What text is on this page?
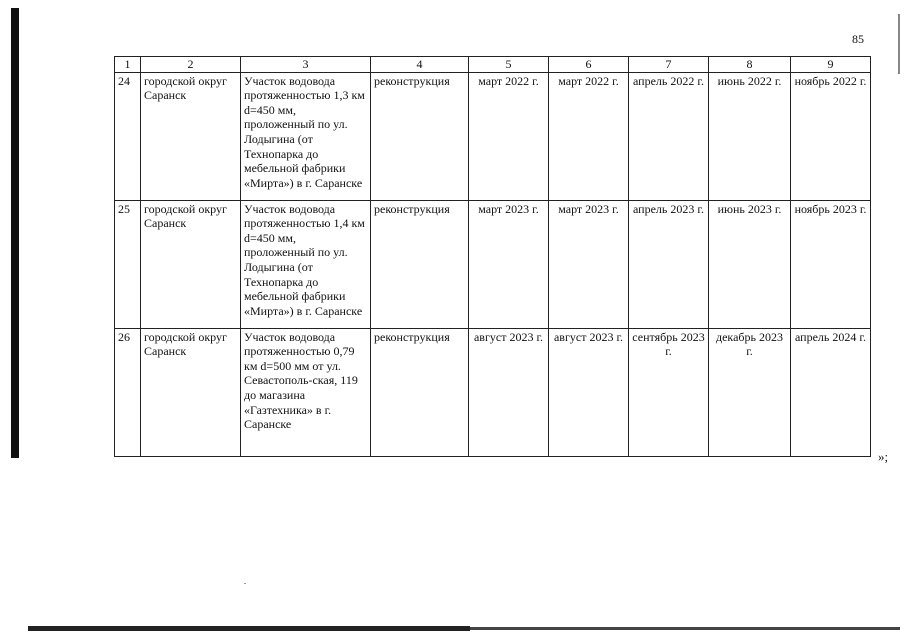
85
1	2	3	4	5	6	7	8	9
24	городской округ Саранск	Участок водовода протяженностью 1,3 км d=450 мм, проложенный по ул. Лодыгина (от Технопарка до мебельной фабрики «Мирта») в г. Саранске	реконструкция	март 2022 г.	март 2022 г.	апрель 2022 г.	июнь 2022 г.	ноябрь 2022 г.
25	городской округ Саранск	Участок водовода протяженностью 1,4 км d=450 мм, проложенный по ул. Лодыгина (от Технопарка до мебельной фабрики «Мирта») в г. Саранске	реконструкция	март 2023 г.	март 2023 г.	апрель 2023 г.	июнь 2023 г.	ноябрь 2023 г.
26	городской округ Саранск	Участок водовода протяженностью 0,79 км d=500 мм от ул. Севастополь-ская, 119 до магазина «Газтехника» в г. Саранске	реконструкция	август 2023 г.	август 2023 г.	сентябрь 2023 г.	декабрь 2023 г.	апрель 2024 г.
»;
